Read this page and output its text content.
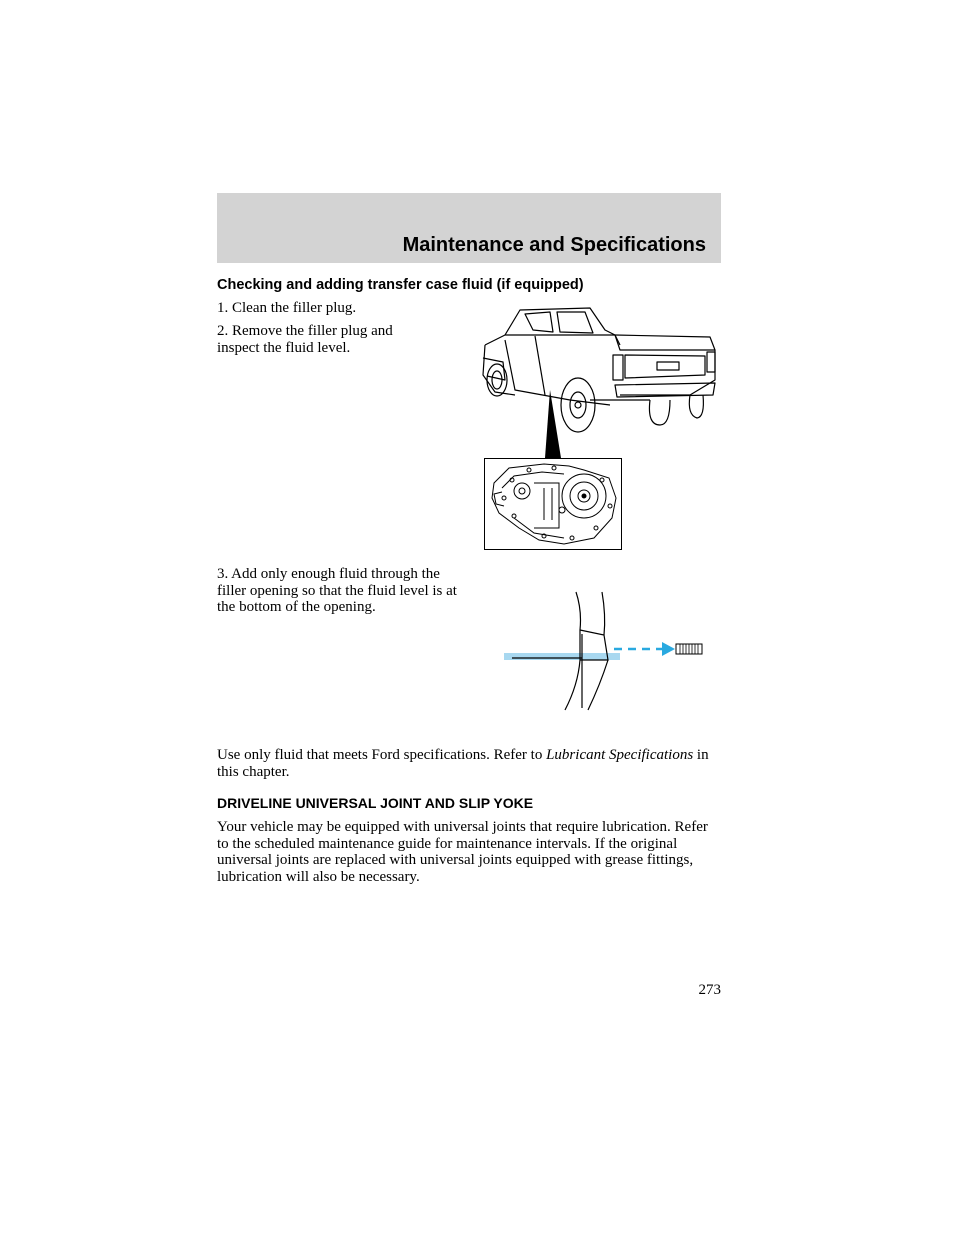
Maintenance and Specifications
Checking and adding transfer case fluid (if equipped)
1. Clean the filler plug.
2. Remove the filler plug and inspect the fluid level.
3. Add only enough fluid through the filler opening so that the fluid level is at the bottom of the opening.
Use only fluid that meets Ford specifications. Refer to Lubricant Specifications in this chapter.
DRIVELINE UNIVERSAL JOINT AND SLIP YOKE
Your vehicle may be equipped with universal joints that require lubrication. Refer to the scheduled maintenance guide for maintenance intervals. If the original universal joints are replaced with universal joints equipped with grease fittings, lubrication will also be necessary.
273
